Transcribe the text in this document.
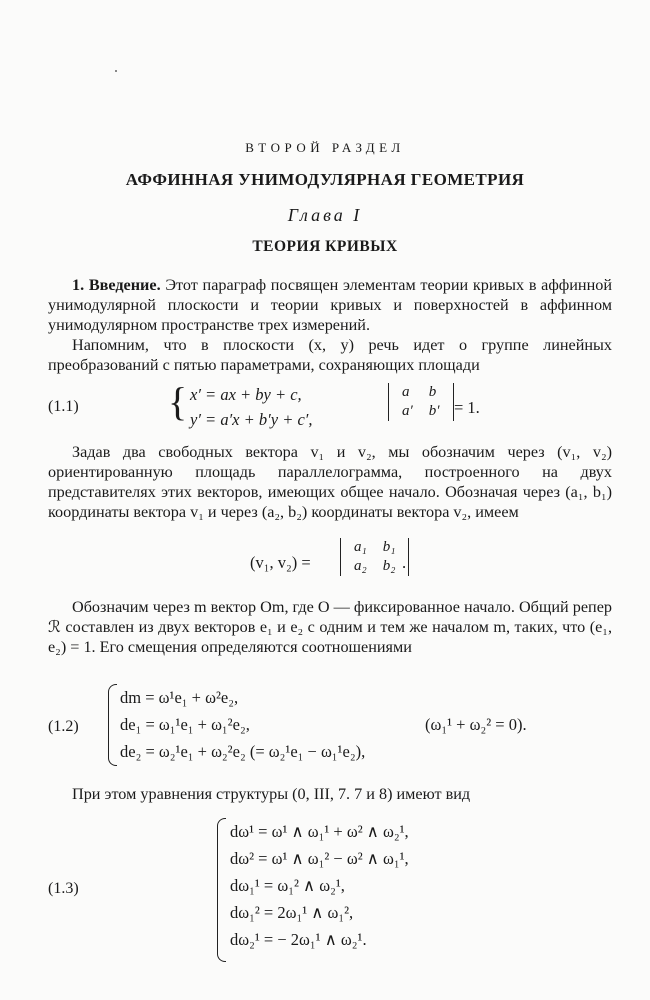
ВТОРОЙ РАЗДЕЛ
АФФИННАЯ УНИМОДУЛЯРНАЯ ГЕОМЕТРИЯ
Глава I
ТЕОРИЯ КРИВЫХ

1. Введение. Этот параграф посвящен элементам теории кривых в аффинной унимодулярной плоскости и теории кривых и поверхностей в аффинном унимодулярном пространстве трех измерений.

Напомним, что в плоскости (x, y) речь идет о группе линейных преобразований с пятью параметрами, сохраняющих площади

(1.1) { x′ = ax + by + c,
y′ = a′x + b′y + c′,
a	b
a′	b′ = 1.

Задав два свободных вектора v₁ и v₂, мы обозначим через (v₁, v₂) ориентированную площадь параллелограмма, построенного на двух представителях этих векторов, имеющих общее начало. Обозначая через (a₁, b₁) координаты вектора v₁ и через (a₂, b₂) координаты вектора v₂, имеем

(v₁, v₂) =
a₁	b₁
a₂	b₂ .

Обозначим через m вектор Om, где O — фиксированное начало. Общий репер ℛ составлен из двух векторов e₁ и e₂ с одним и тем же началом m, таких, что (e₁, e₂) = 1. Его смещения определяются соотношениями

(1.2)
dm = ω¹e₁ + ω²e₂,
de₁ = ω₁¹e₁ + ω₁²e₂,
de₂ = ω₂¹e₁ + ω₂²e₂ (= ω₂¹e₁ − ω₁¹e₂),
(ω₁¹ + ω₂² = 0).

При этом уравнения структуры (0, III, 7. 7 и 8) имеют вид

(1.3)
dω¹ = ω¹ ∧ ω₁¹ + ω² ∧ ω₂¹,
dω² = ω¹ ∧ ω₁² − ω² ∧ ω₁¹,
dω₁¹ = ω₁² ∧ ω₂¹,
dω₁² = 2ω₁¹ ∧ ω₁²,
dω₂¹ = − 2ω₁¹ ∧ ω₂¹.
